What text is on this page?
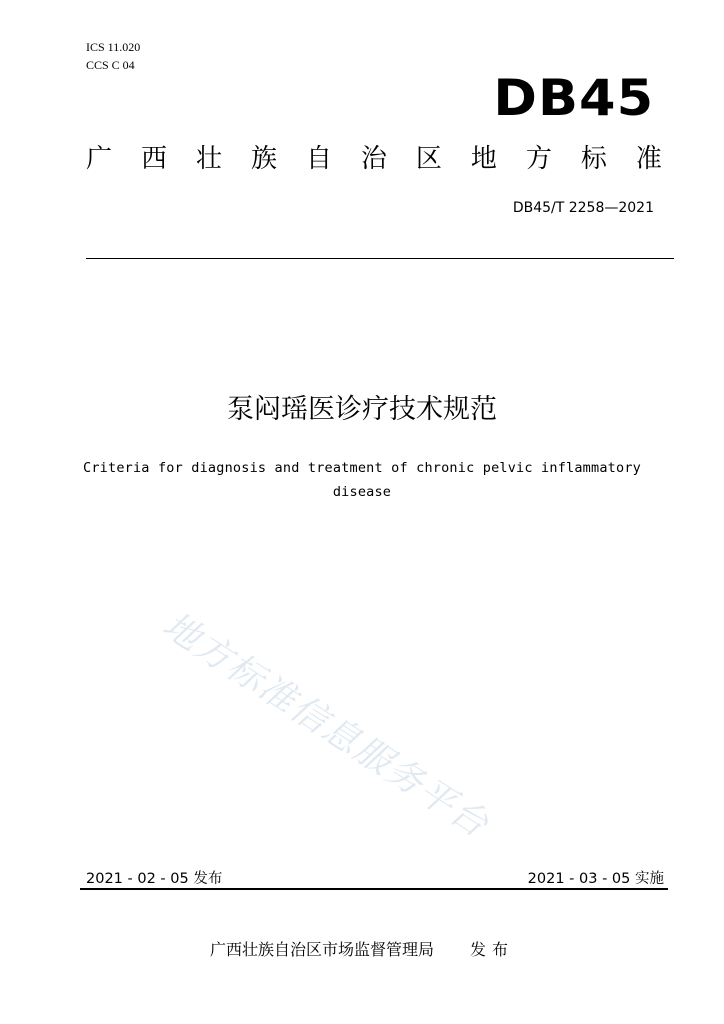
ICS 11.020
CCS C 04
DB45
广 西 壮 族 自 治 区 地 方 标 准
DB45/T 2258—2021
泵闷瑶医诊疗技术规范
Criteria for diagnosis and treatment of chronic pelvic inflammatory
disease
地方标准信息服务平台
2021 - 02 - 05 发布	2021 - 03 - 05 实施
广西壮族自治区市场监督管理局 发布
